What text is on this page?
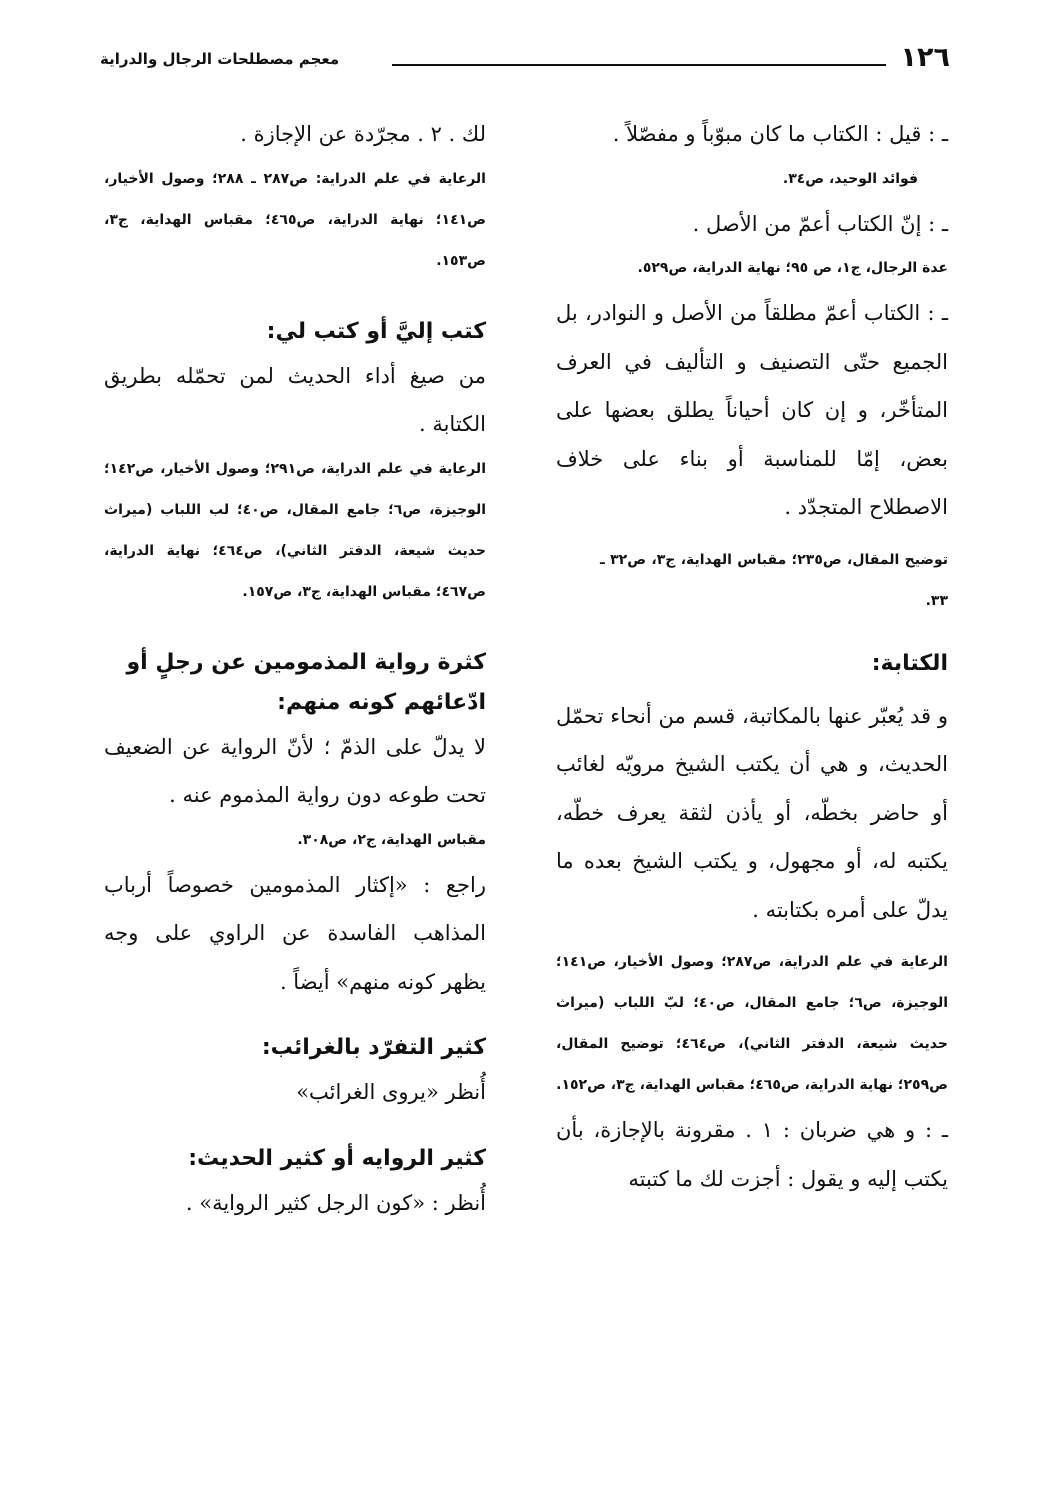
١٢٦
معجم مصطلحات الرجال والدراية

ـ : قيل : الكتاب ما كان مبوّباً و مفصّلاً .

فوائد الوحيد، ص٣٤.

ـ : إنّ الكتاب أعمّ من الأصل .

عدة الرجال، ج١، ص ٩٥؛ نهاية الدراية، ص٥٢٩.

ـ : الكتاب أعمّ مطلقاً من الأصل و النوادر، بل الجميع حتّى التصنيف و التأليف في العرف المتأخّر، و إن كان أحياناً يطلق بعضها على بعض، إمّا للمناسبة أو بناء على خلاف الاصطلاح المتجدّد .

توضيح المقال، ص٢٣٥؛ مقباس الهداية، ج٣، ص٣٢ ـ ٣٣.

الكتابة:

و قد يُعبّر عنها بالمكاتبة، قسم من أنحاء تحمّل الحديث، و هي أن يكتب الشيخ مرويّه لغائب أو حاضر بخطّه، أو يأذن لثقة يعرف خطّه، يكتبه له، أو مجهول، و يكتب الشيخ بعده ما يدلّ على أمره بكتابته .

الرعاية في علم الدراية، ص٢٨٧؛ وصول الأخيار، ص١٤١؛ الوجيزة، ص٦؛ جامع المقال، ص٤٠؛ لبّ اللباب (ميراث حديث شيعة، الدفتر الثاني)، ص٤٦٤؛ توضيح المقال، ص٢٥٩؛ نهاية الدراية، ص٤٦٥؛ مقباس الهداية، ج٣، ص١٥٢.

ـ : و هي ضربان : ١ . مقرونة بالإجازة، بأن يكتب إليه و يقول : أجزت لك ما كتبته

لك . ٢ . مجرّدة عن الإجازة .

الرعاية في علم الدراية: ص٢٨٧ ـ ٢٨٨؛ وصول الأخيار، ص١٤١؛ نهاية الدراية، ص٤٦٥؛ مقباس الهداية، ج٣، ص١٥٣.

كتب إليَّ أو كتب لي:

من صيغ أداء الحديث لمن تحمّله بطريق الكتابة .

الرعاية في علم الدراية، ص٢٩١؛ وصول الأخيار، ص١٤٢؛ الوجيزة، ص٦؛ جامع المقال، ص٤٠؛ لب اللباب (ميراث حديث شيعة، الدفتر الثاني)، ص٤٦٤؛ نهاية الدراية، ص٤٦٧؛ مقباس الهداية، ج٣، ص١٥٧.

كثرة رواية المذمومين عن رجلٍ أو ادّعائهم كونه منهم:

لا يدلّ على الذمّ ؛ لأنّ الرواية عن الضعيف تحت طوعه دون رواية المذموم عنه .

مقباس الهداية، ج٢، ص٣٠٨.

راجع : «إكثار المذمومين خصوصاً أرباب المذاهب الفاسدة عن الراوي على وجه يظهر كونه منهم» أيضاً .

كثير التفرّد بالغرائب:

أُنظر «يروى الغرائب»

كثير الروايه أو كثير الحديث:

أُنظر : «كون الرجل كثير الرواية» .
